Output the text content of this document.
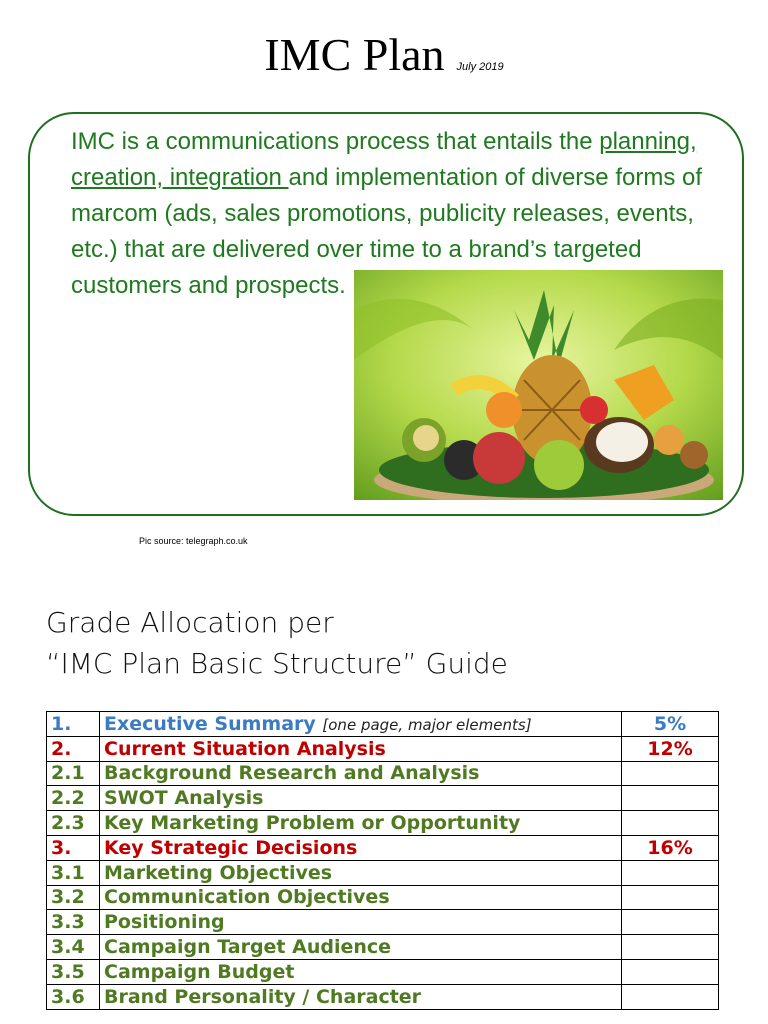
IMC Plan July 2019
IMC is a communications process that entails the planning, creation, integration and implementation of diverse forms of marcom (ads, sales promotions, publicity releases, events, etc.) that are delivered over time to a brand’s targeted customers and prospects.
Pic source: telegraph.co.uk
Grade Allocation per
“IMC Plan Basic Structure” Guide
1.	Executive Summary [one page, major elements]	5%
2.	Current Situation Analysis	12%
2.1	Background Research and Analysis	
2.2	SWOT Analysis	
2.3	Key Marketing Problem or Opportunity	
3.	Key Strategic Decisions	16%
3.1	Marketing Objectives	
3.2	Communication Objectives	
3.3	Positioning	
3.4	Campaign Target Audience	
3.5	Campaign Budget	
3.6	Brand Personality / Character	
